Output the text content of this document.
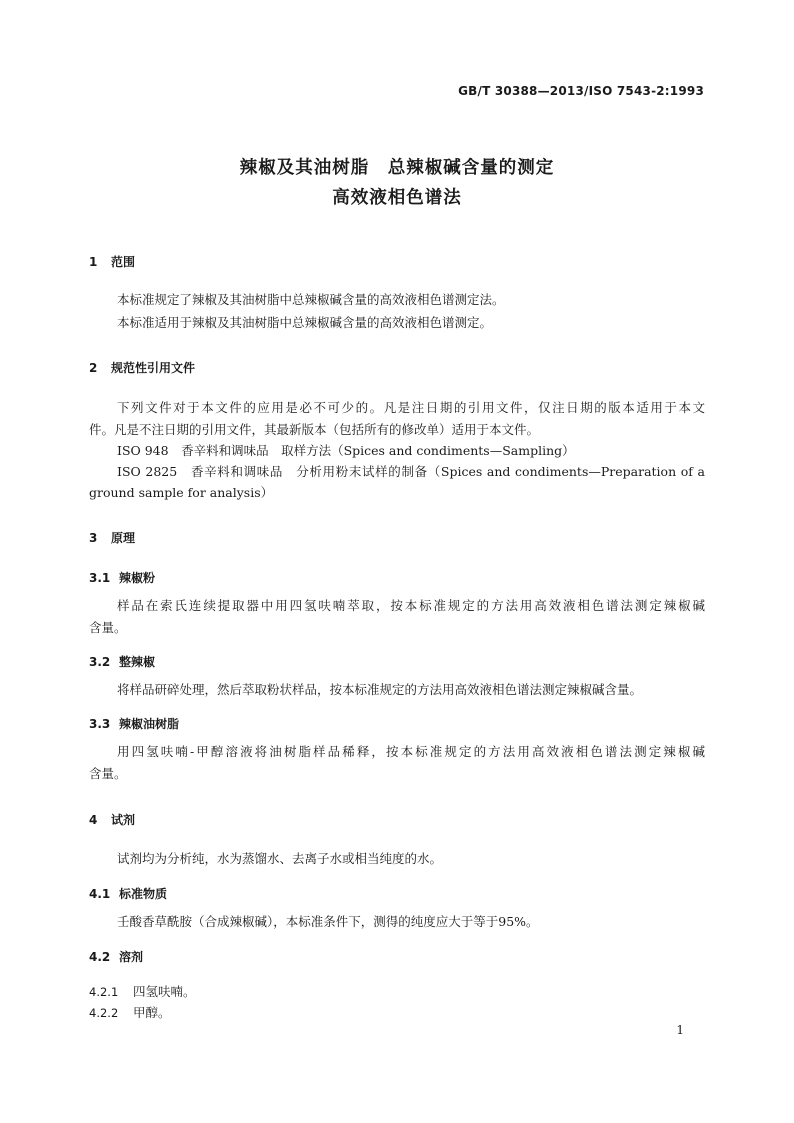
GB/T 30388—2013/ISO 7543-2:1993
辣椒及其油树脂　总辣椒碱含量的测定
高效液相色谱法
1 范围
本标准规定了辣椒及其油树脂中总辣椒碱含量的高效液相色谱测定法。
本标准适用于辣椒及其油树脂中总辣椒碱含量的高效液相色谱测定。
2 规范性引用文件
下列文件对于本文件的应用是必不可少的。凡是注日期的引用文件，仅注日期的版本适用于本文
件。凡是不注日期的引用文件，其最新版本（包括所有的修改单）适用于本文件。
ISO 948　香辛料和调味品　取样方法（Spices and condiments—Sampling）
ISO 2825　香辛料和调味品　分析用粉末试样的制备（Spices and condiments—Preparation of a
ground sample for analysis）
3 原理
3.1 辣椒粉
样品在索氏连续提取器中用四氢呋喃萃取，按本标准规定的方法用高效液相色谱法测定辣椒碱
含量。
3.2 整辣椒
将样品研碎处理，然后萃取粉状样品，按本标准规定的方法用高效液相色谱法测定辣椒碱含量。
3.3 辣椒油树脂
用四氢呋喃-甲醇溶液将油树脂样品稀释，按本标准规定的方法用高效液相色谱法测定辣椒碱
含量。
4 试剂
试剂均为分析纯，水为蒸馏水、去离子水或相当纯度的水。
4.1 标准物质
壬酸香草酰胺（合成辣椒碱），本标准条件下，测得的纯度应大于等于95%。
4.2 溶剂
4.2.1 四氢呋喃。
4.2.2 甲醇。
1
